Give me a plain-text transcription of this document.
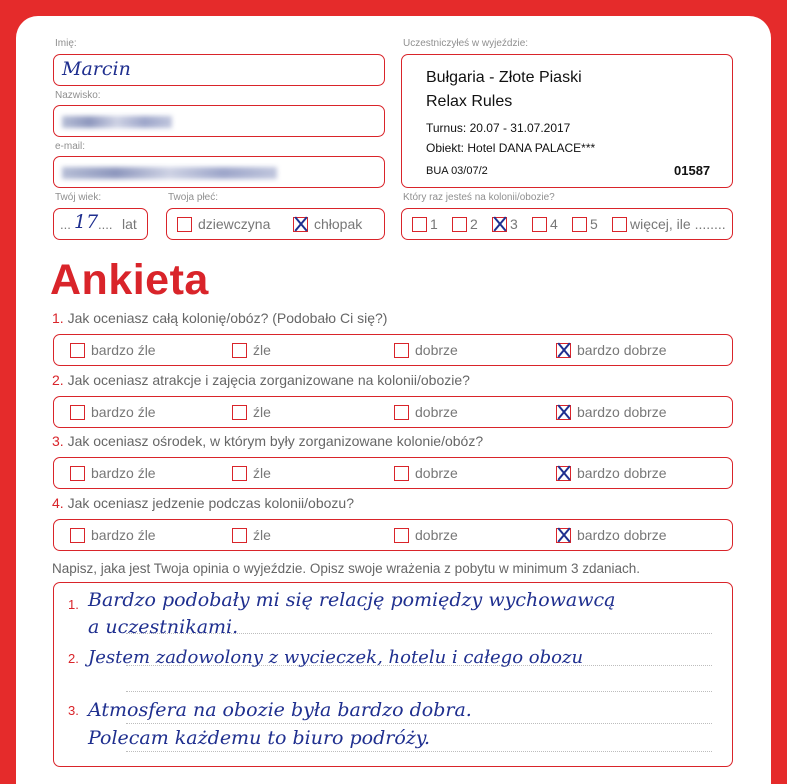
Imię:
Marcin
Nazwisko:
e-mail:
Twój wiek:
... 17 .... lat
Twoja płeć:
dziewczyna	chłopak
Uczestniczyłeś w wyjeździe:
Bułgaria - Złote Piaski
Relax Rules
Turnus: 20.07 - 31.07.2017
Obiekt: Hotel DANA PALACE***
BUA 03/07/2	01587
Który raz jesteś na kolonii/obozie?
1	2	3	4	5	więcej, ile ........
Ankieta
1. Jak oceniasz całą kolonię/obóz? (Podobało Ci się?)
bardzo źle	źle	dobrze	bardzo dobrze
2. Jak oceniasz atrakcje i zajęcia zorganizowane na kolonii/obozie?
bardzo źle	źle	dobrze	bardzo dobrze
3. Jak oceniasz ośrodek, w którym były zorganizowane kolonie/obóz?
bardzo źle	źle	dobrze	bardzo dobrze
4. Jak oceniasz jedzenie podczas kolonii/obozu?
bardzo źle	źle	dobrze	bardzo dobrze
Napisz, jaka jest Twoja opinia o wyjeździe. Opisz swoje wrażenia z pobytu w minimum 3 zdaniach.
1.
2.
3.
Bardzo podobały mi się relację pomiędzy wychowawcą
a uczestnikami.
Jestem zadowolony z wycieczek, hotelu i całego obozu
Atmosfera na obozie była bardzo dobra.
Polecam każdemu to biuro podróży.
